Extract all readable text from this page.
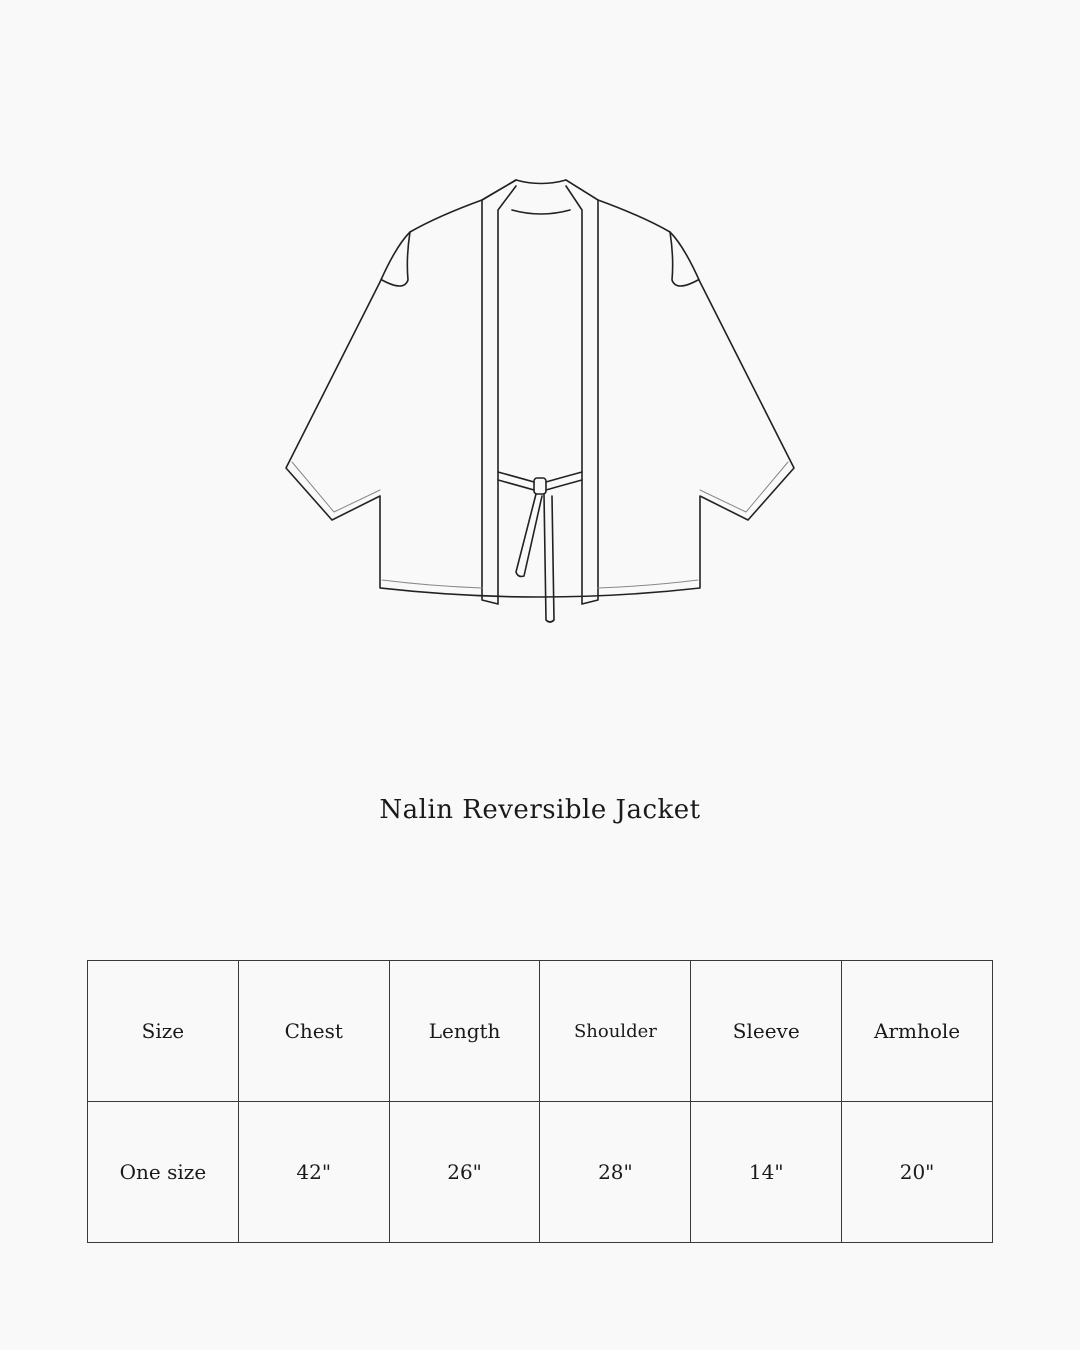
Nalin Reversible Jacket
Size	Chest	Length	Shoulder	Sleeve	Armhole
One size	42"	26"	28"	14"	20"
